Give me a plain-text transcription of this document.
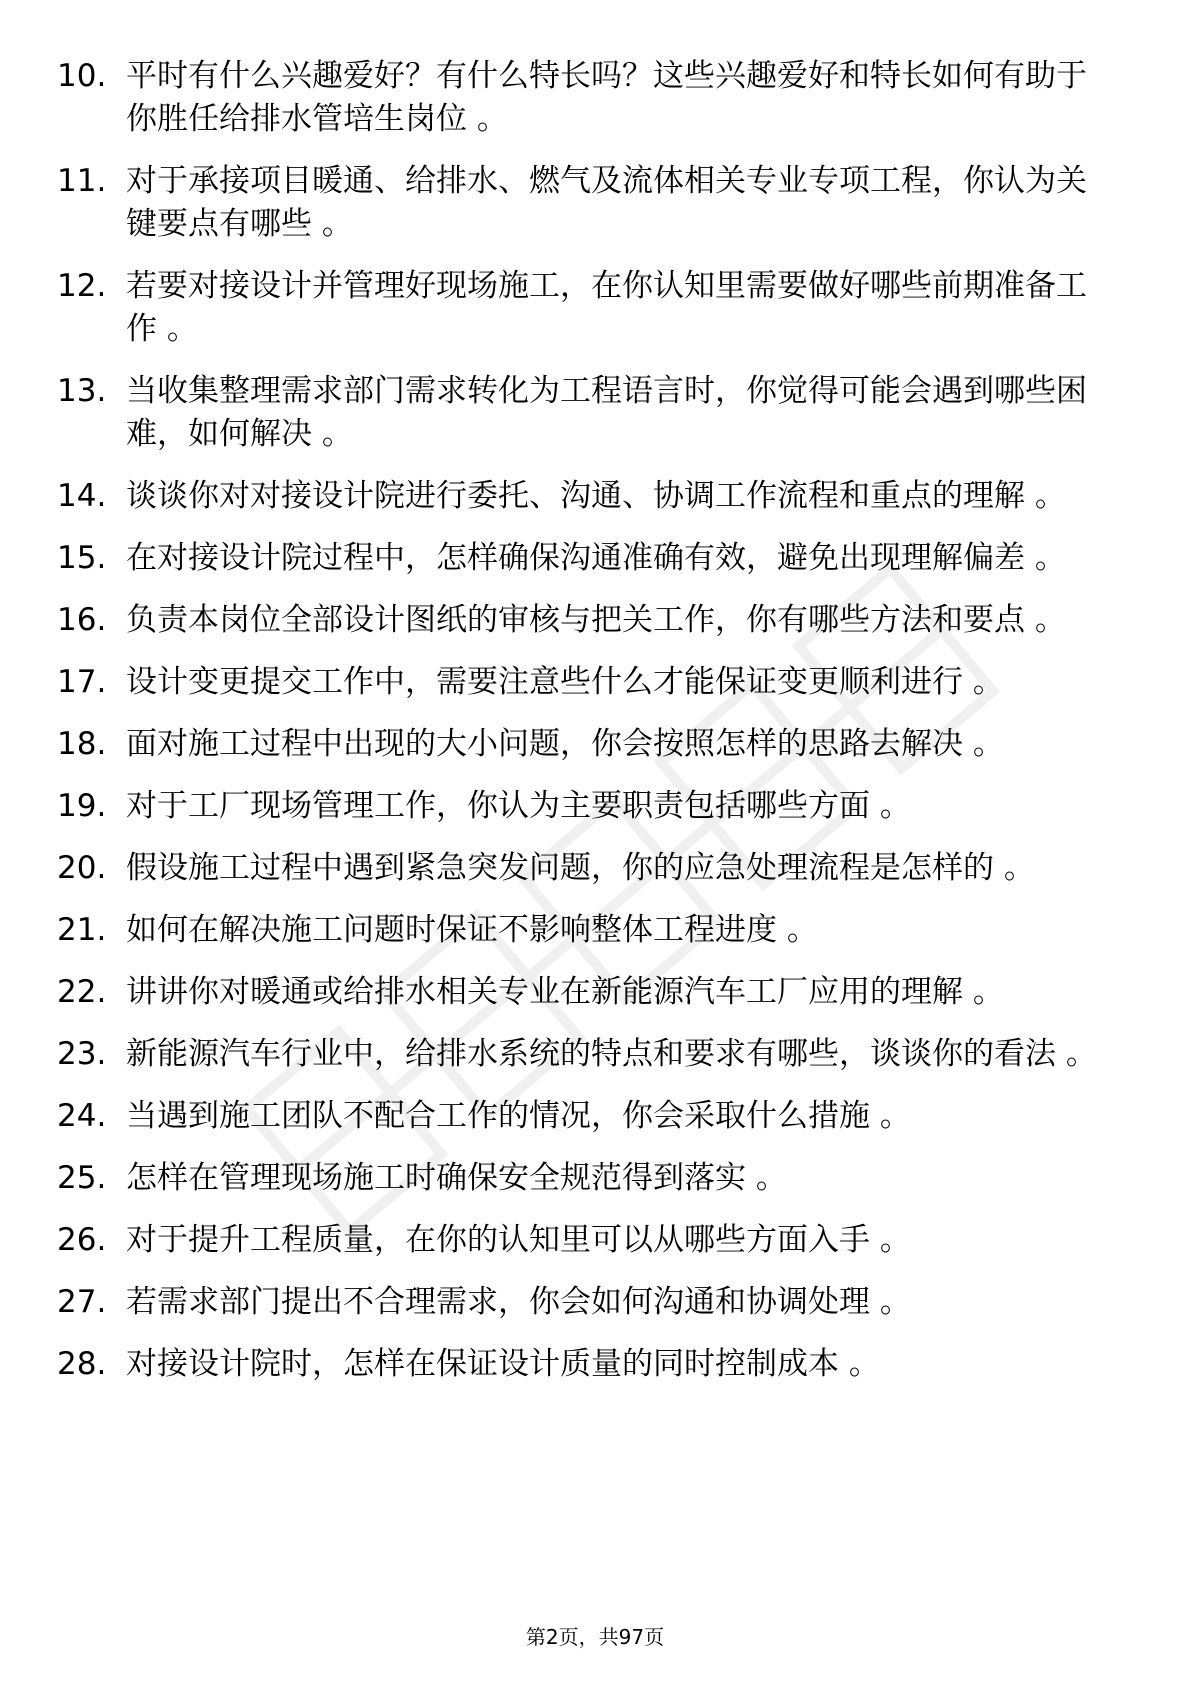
10. 平时有什么兴趣爱好？有什么特长吗？这些兴趣爱好和特长如何有助于你胜任给排水管培生岗位 。
11. 对于承接项目暖通、给排水、燃气及流体相关专业专项工程，你认为关键要点有哪些 。
12. 若要对接设计并管理好现场施工，在你认知里需要做好哪些前期准备工作 。
13. 当收集整理需求部门需求转化为工程语言时，你觉得可能会遇到哪些困难，如何解决 。
14. 谈谈你对对接设计院进行委托、沟通、协调工作流程和重点的理解 。
15. 在对接设计院过程中，怎样确保沟通准确有效，避免出现理解偏差 。
16. 负责本岗位全部设计图纸的审核与把关工作，你有哪些方法和要点 。
17. 设计变更提交工作中，需要注意些什么才能保证变更顺利进行 。
18. 面对施工过程中出现的大小问题，你会按照怎样的思路去解决 。
19. 对于工厂现场管理工作，你认为主要职责包括哪些方面 。
20. 假设施工过程中遇到紧急突发问题，你的应急处理流程是怎样的 。
21. 如何在解决施工问题时保证不影响整体工程进度 。
22. 讲讲你对暖通或给排水相关专业在新能源汽车工厂应用的理解 。
23. 新能源汽车行业中，给排水系统的特点和要求有哪些，谈谈你的看法 。
24. 当遇到施工团队不配合工作的情况，你会采取什么措施 。
25. 怎样在管理现场施工时确保安全规范得到落实 。
26. 对于提升工程质量，在你的认知里可以从哪些方面入手 。
27. 若需求部门提出不合理需求，你会如何沟通和协调处理 。
28. 对接设计院时，怎样在保证设计质量的同时控制成本 。
第2页，共97页
